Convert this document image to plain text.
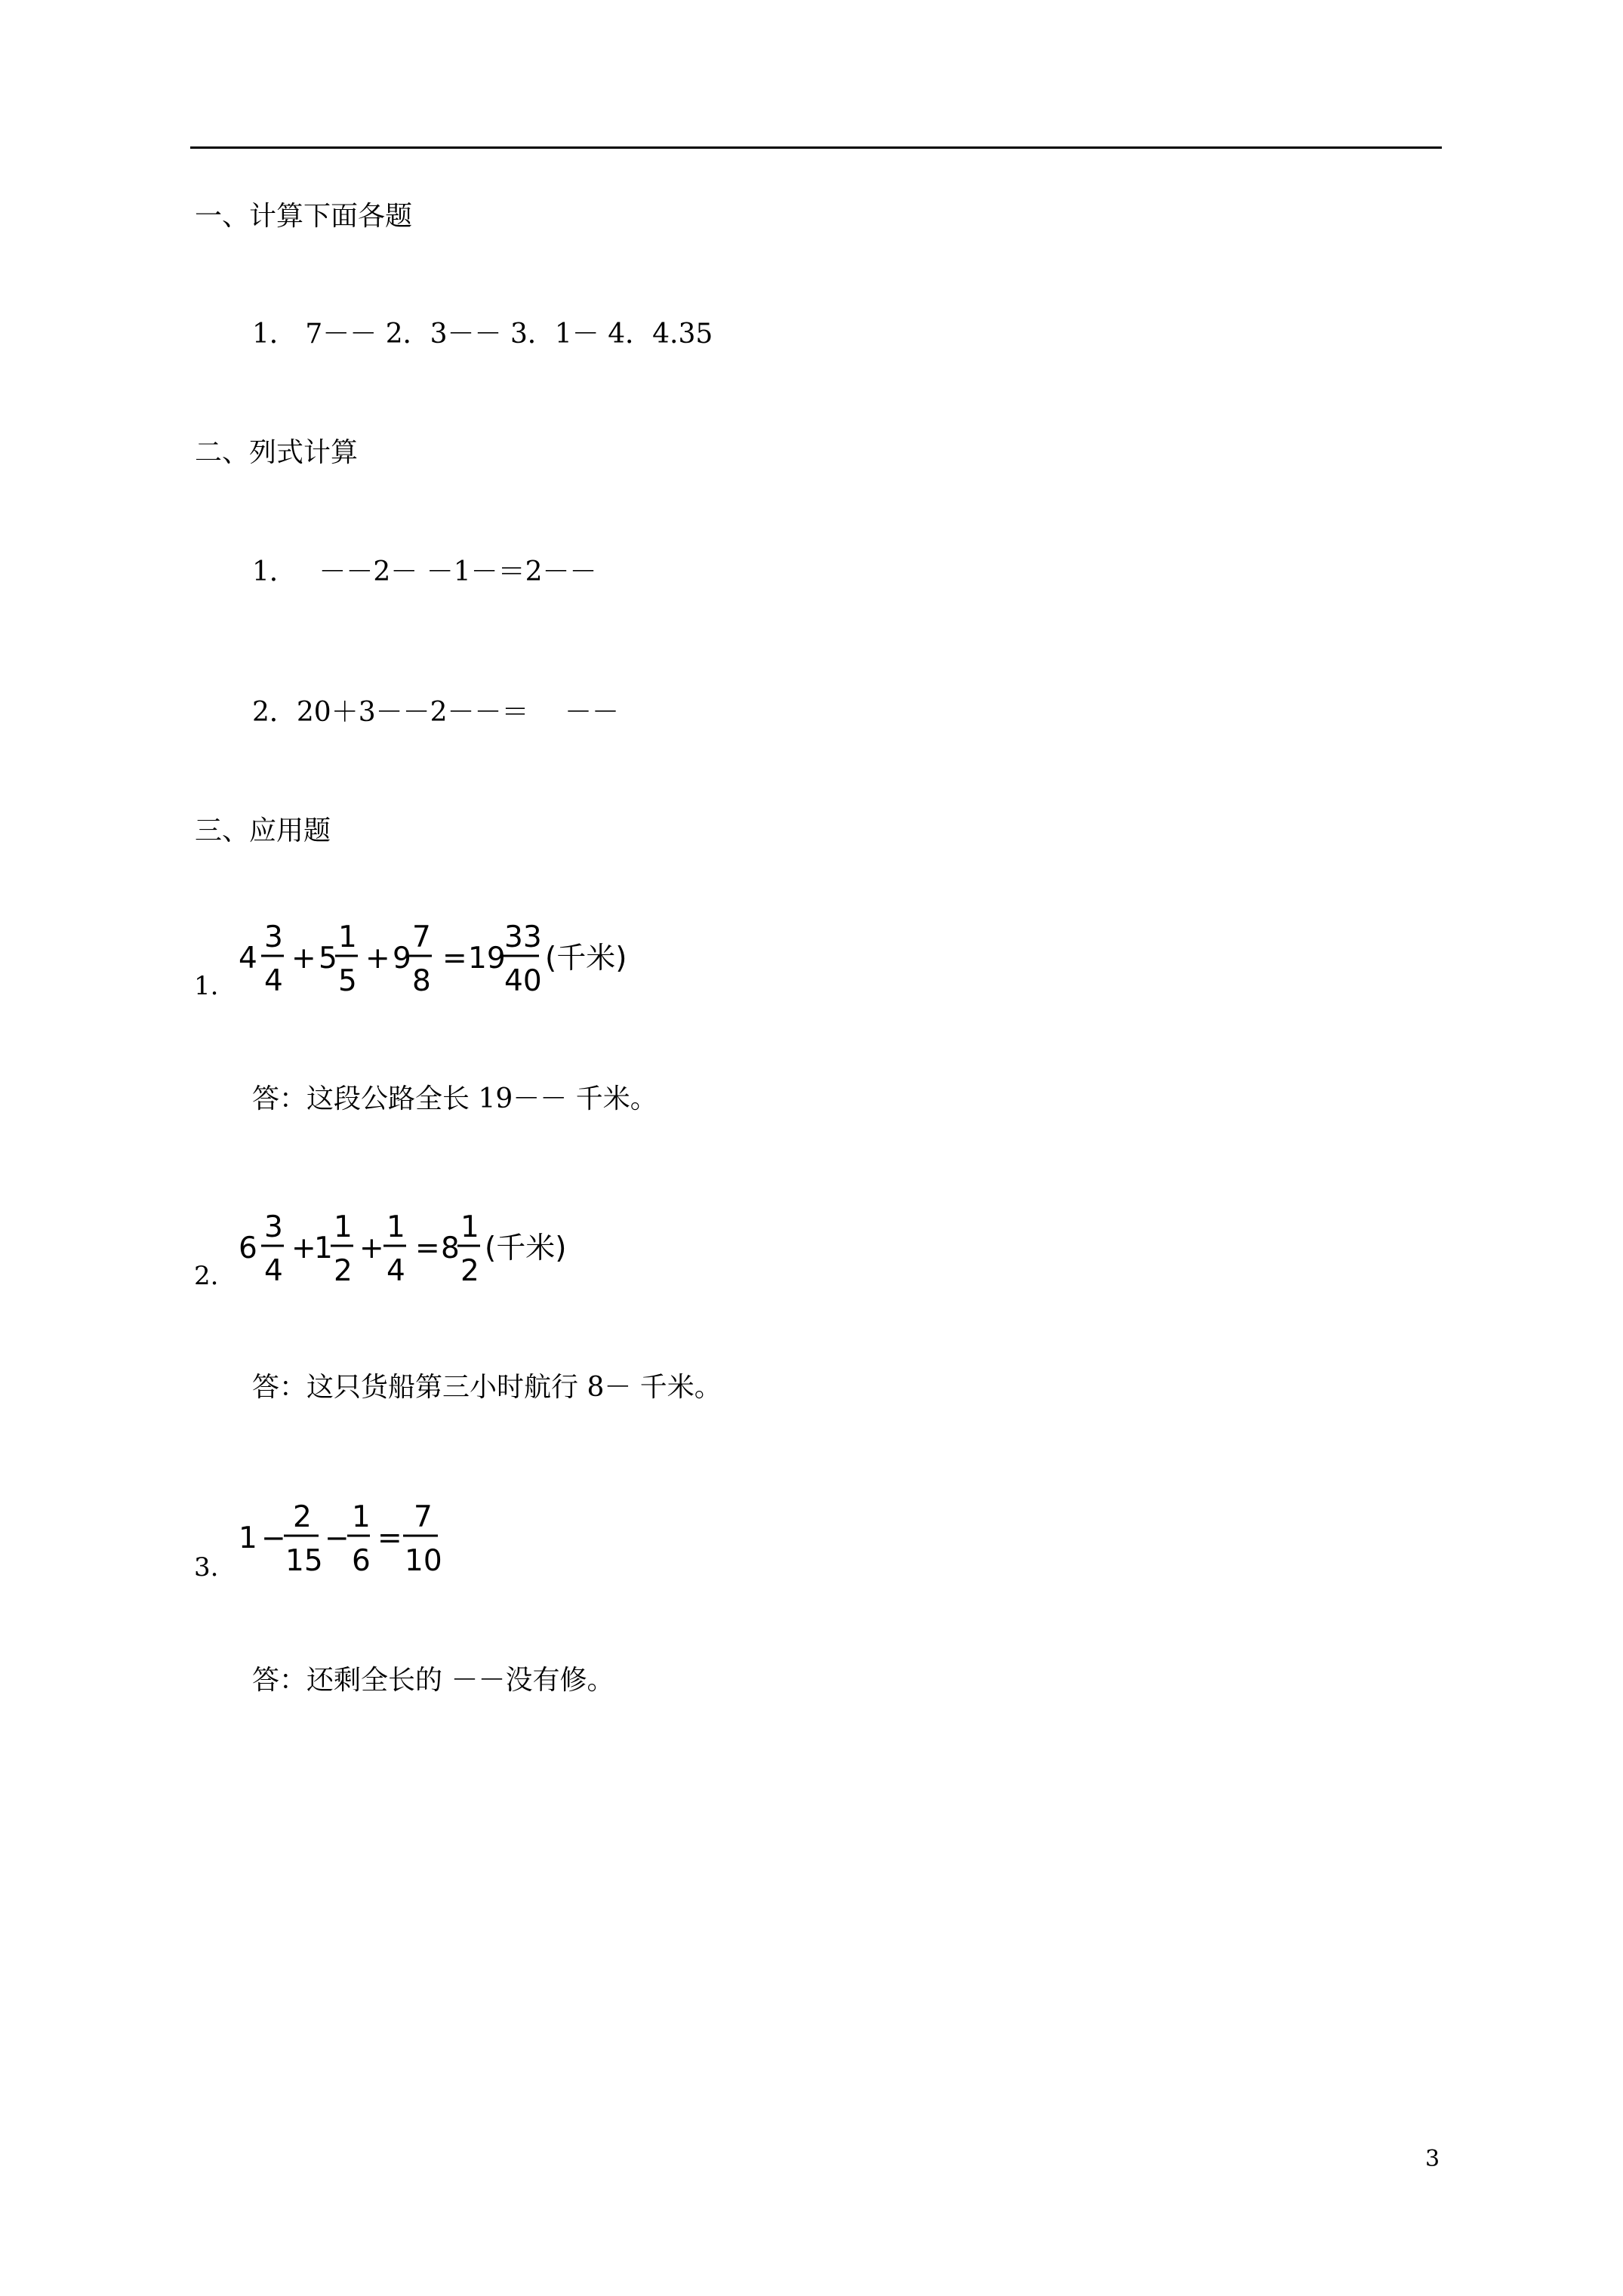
一、计算下面各题
1． 7－－ 2．3－－ 3．1－ 4．4.35
二、列式计算
1．　 －－2－ －1－＝2－－
2．20＋3－－2－－＝　 －－
三、应用题
1.
4
3
4
+ 5
1
5
+ 9
7
8
= 19
33
40
(千米)
答：这段公路全长 19－－ 千米。
2.
6
3
4
+
1
1
2
+
1
4
= 8
1
2
(千米)
答：这只货船第三小时航行 8－ 千米。
3.
1 −
2
15
−
1
6
=
7
10
答：还剩全长的 －－没有修。
3
